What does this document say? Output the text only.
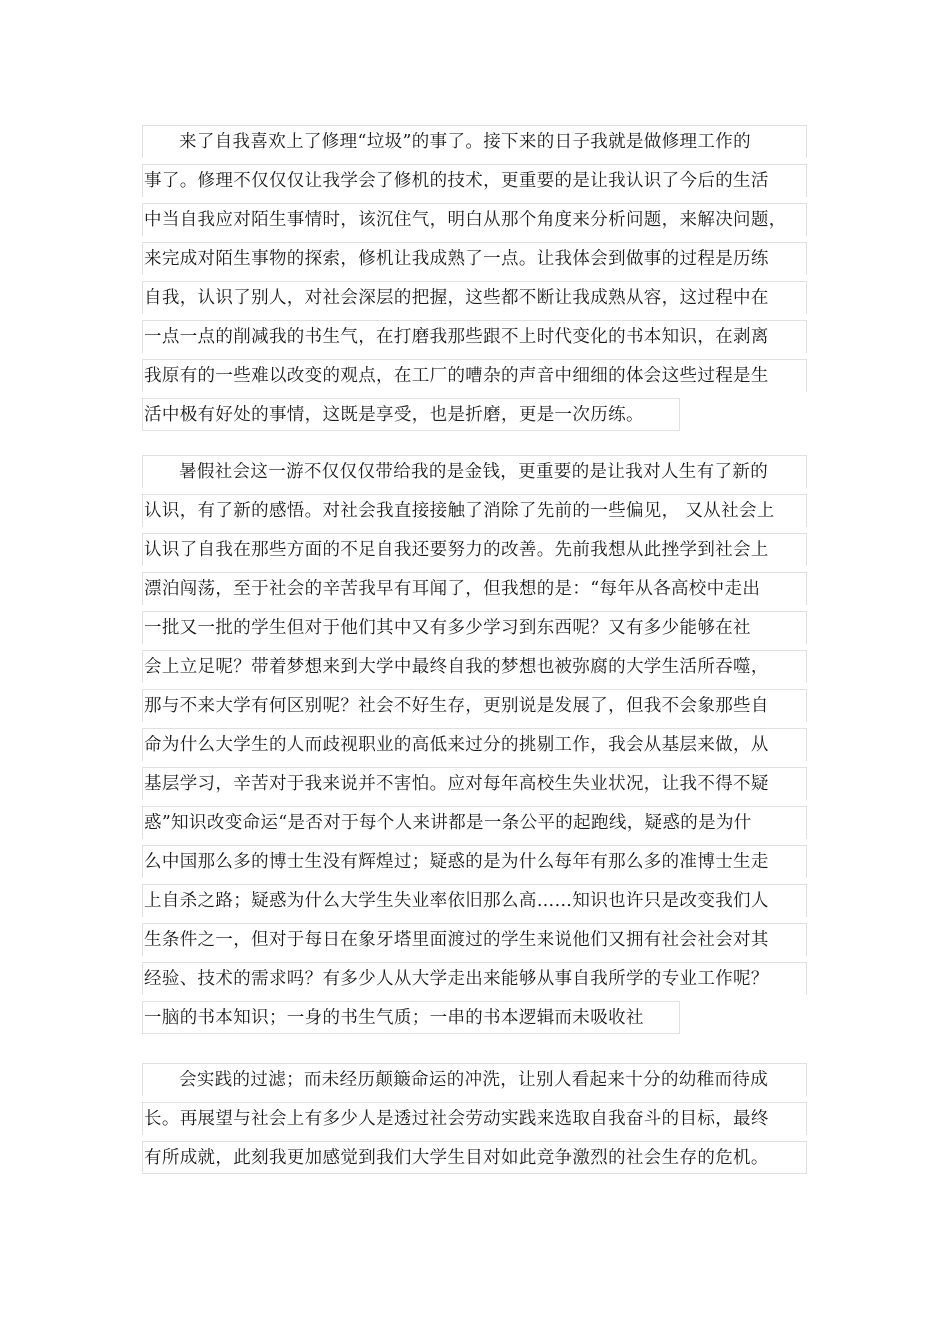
来了自我喜欢上了修理“垃圾”的事了。接下来的日子我就是做修理工作的
事了。修理不仅仅仅让我学会了修机的技术，更重要的是让我认识了今后的生活
中当自我应对陌生事情时，该沉住气，明白从那个角度来分析问题，来解决问题，
来完成对陌生事物的探索，修机让我成熟了一点。让我体会到做事的过程是历练
自我，认识了别人，对社会深层的把握，这些都不断让我成熟从容，这过程中在
一点一点的削减我的书生气，在打磨我那些跟不上时代变化的书本知识，在剥离
我原有的一些难以改变的观点，在工厂的嘈杂的声音中细细的体会这些过程是生
活中极有好处的事情，这既是享受，也是折磨，更是一次历练。
暑假社会这一游不仅仅仅带给我的是金钱，更重要的是让我对人生有了新的
认识，有了新的感悟。对社会我直接接触了消除了先前的一些偏见， 又从社会上
认识了自我在那些方面的不足自我还要努力的改善。先前我想从此挫学到社会上
漂泊闯荡，至于社会的辛苦我早有耳闻了，但我想的是：“每年从各高校中走出
一批又一批的学生但对于他们其中又有多少学习到东西呢？又有多少能够在社
会上立足呢？带着梦想来到大学中最终自我的梦想也被弥腐的大学生活所吞噬，
那与不来大学有何区别呢？社会不好生存，更别说是发展了，但我不会象那些自
命为什么大学生的人而歧视职业的高低来过分的挑剔工作，我会从基层来做，从
基层学习，辛苦对于我来说并不害怕。应对每年高校生失业状况，让我不得不疑
惑”知识改变命运“是否对于每个人来讲都是一条公平的起跑线，疑惑的是为什
么中国那么多的博士生没有辉煌过；疑惑的是为什么每年有那么多的准博士生走
上自杀之路；疑惑为什么大学生失业率依旧那么高……知识也许只是改变我们人
生条件之一，但对于每日在象牙塔里面渡过的学生来说他们又拥有社会社会对其
经验、技术的需求吗？有多少人从大学走出来能够从事自我所学的专业工作呢？
一脑的书本知识；一身的书生气质；一串的书本逻辑而未吸收社
会实践的过滤；而未经历颠簸命运的冲洗，让别人看起来十分的幼稚而待成
长。再展望与社会上有多少人是透过社会劳动实践来选取自我奋斗的目标，最终
有所成就，此刻我更加感觉到我们大学生目对如此竞争激烈的社会生存的危机。
